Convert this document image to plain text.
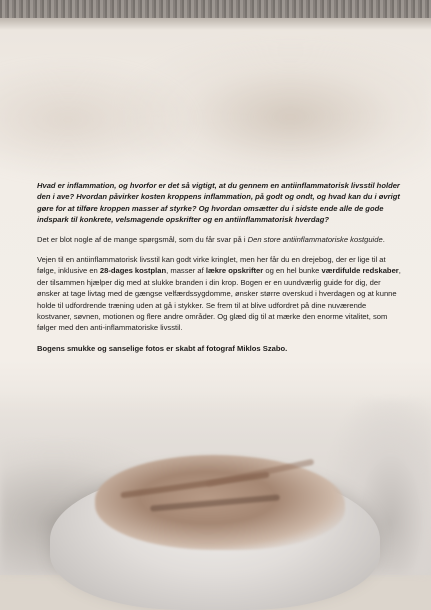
Hvad er inflammation, og hvorfor er det så vigtigt, at du gennem en antiinflammatorisk livsstil holder den i ave? Hvordan påvirker kosten kroppens inflammation, på godt og ondt, og hvad kan du i øvrigt gøre for at tilføre kroppen masser af styrke? Og hvordan omsætter du i sidste ende alle de gode indspark til konkrete, velsmagende opskrifter og en antiinflammatorisk hverdag?

Det er blot nogle af de mange spørgsmål, som du får svar på i Den store antiinflammatoriske kostguide.

Vejen til en antiinflammatorisk livsstil kan godt virke kringlet, men her får du en drejebog, der er lige til at følge, inklusive en 28-dages kostplan, masser af lækre opskrifter og en hel bunke værdifulde redskaber, der tilsammen hjælper dig med at slukke branden i din krop. Bogen er en uundværlig guide for dig, der ønsker at tage livtag med de gængse velfærdssygdomme, ønsker større overskud i hverdagen og at kunne holde til udfordrende træning uden at gå i stykker. Se frem til at blive udfordret på dine nuværende kostvaner, søvnen, motionen og flere andre områder. Og glæd dig til at mærke den enorme vitalitet, som følger med den anti-inflammatoriske livsstil.

Bogens smukke og sanselige fotos er skabt af fotograf Miklos Szabo.
